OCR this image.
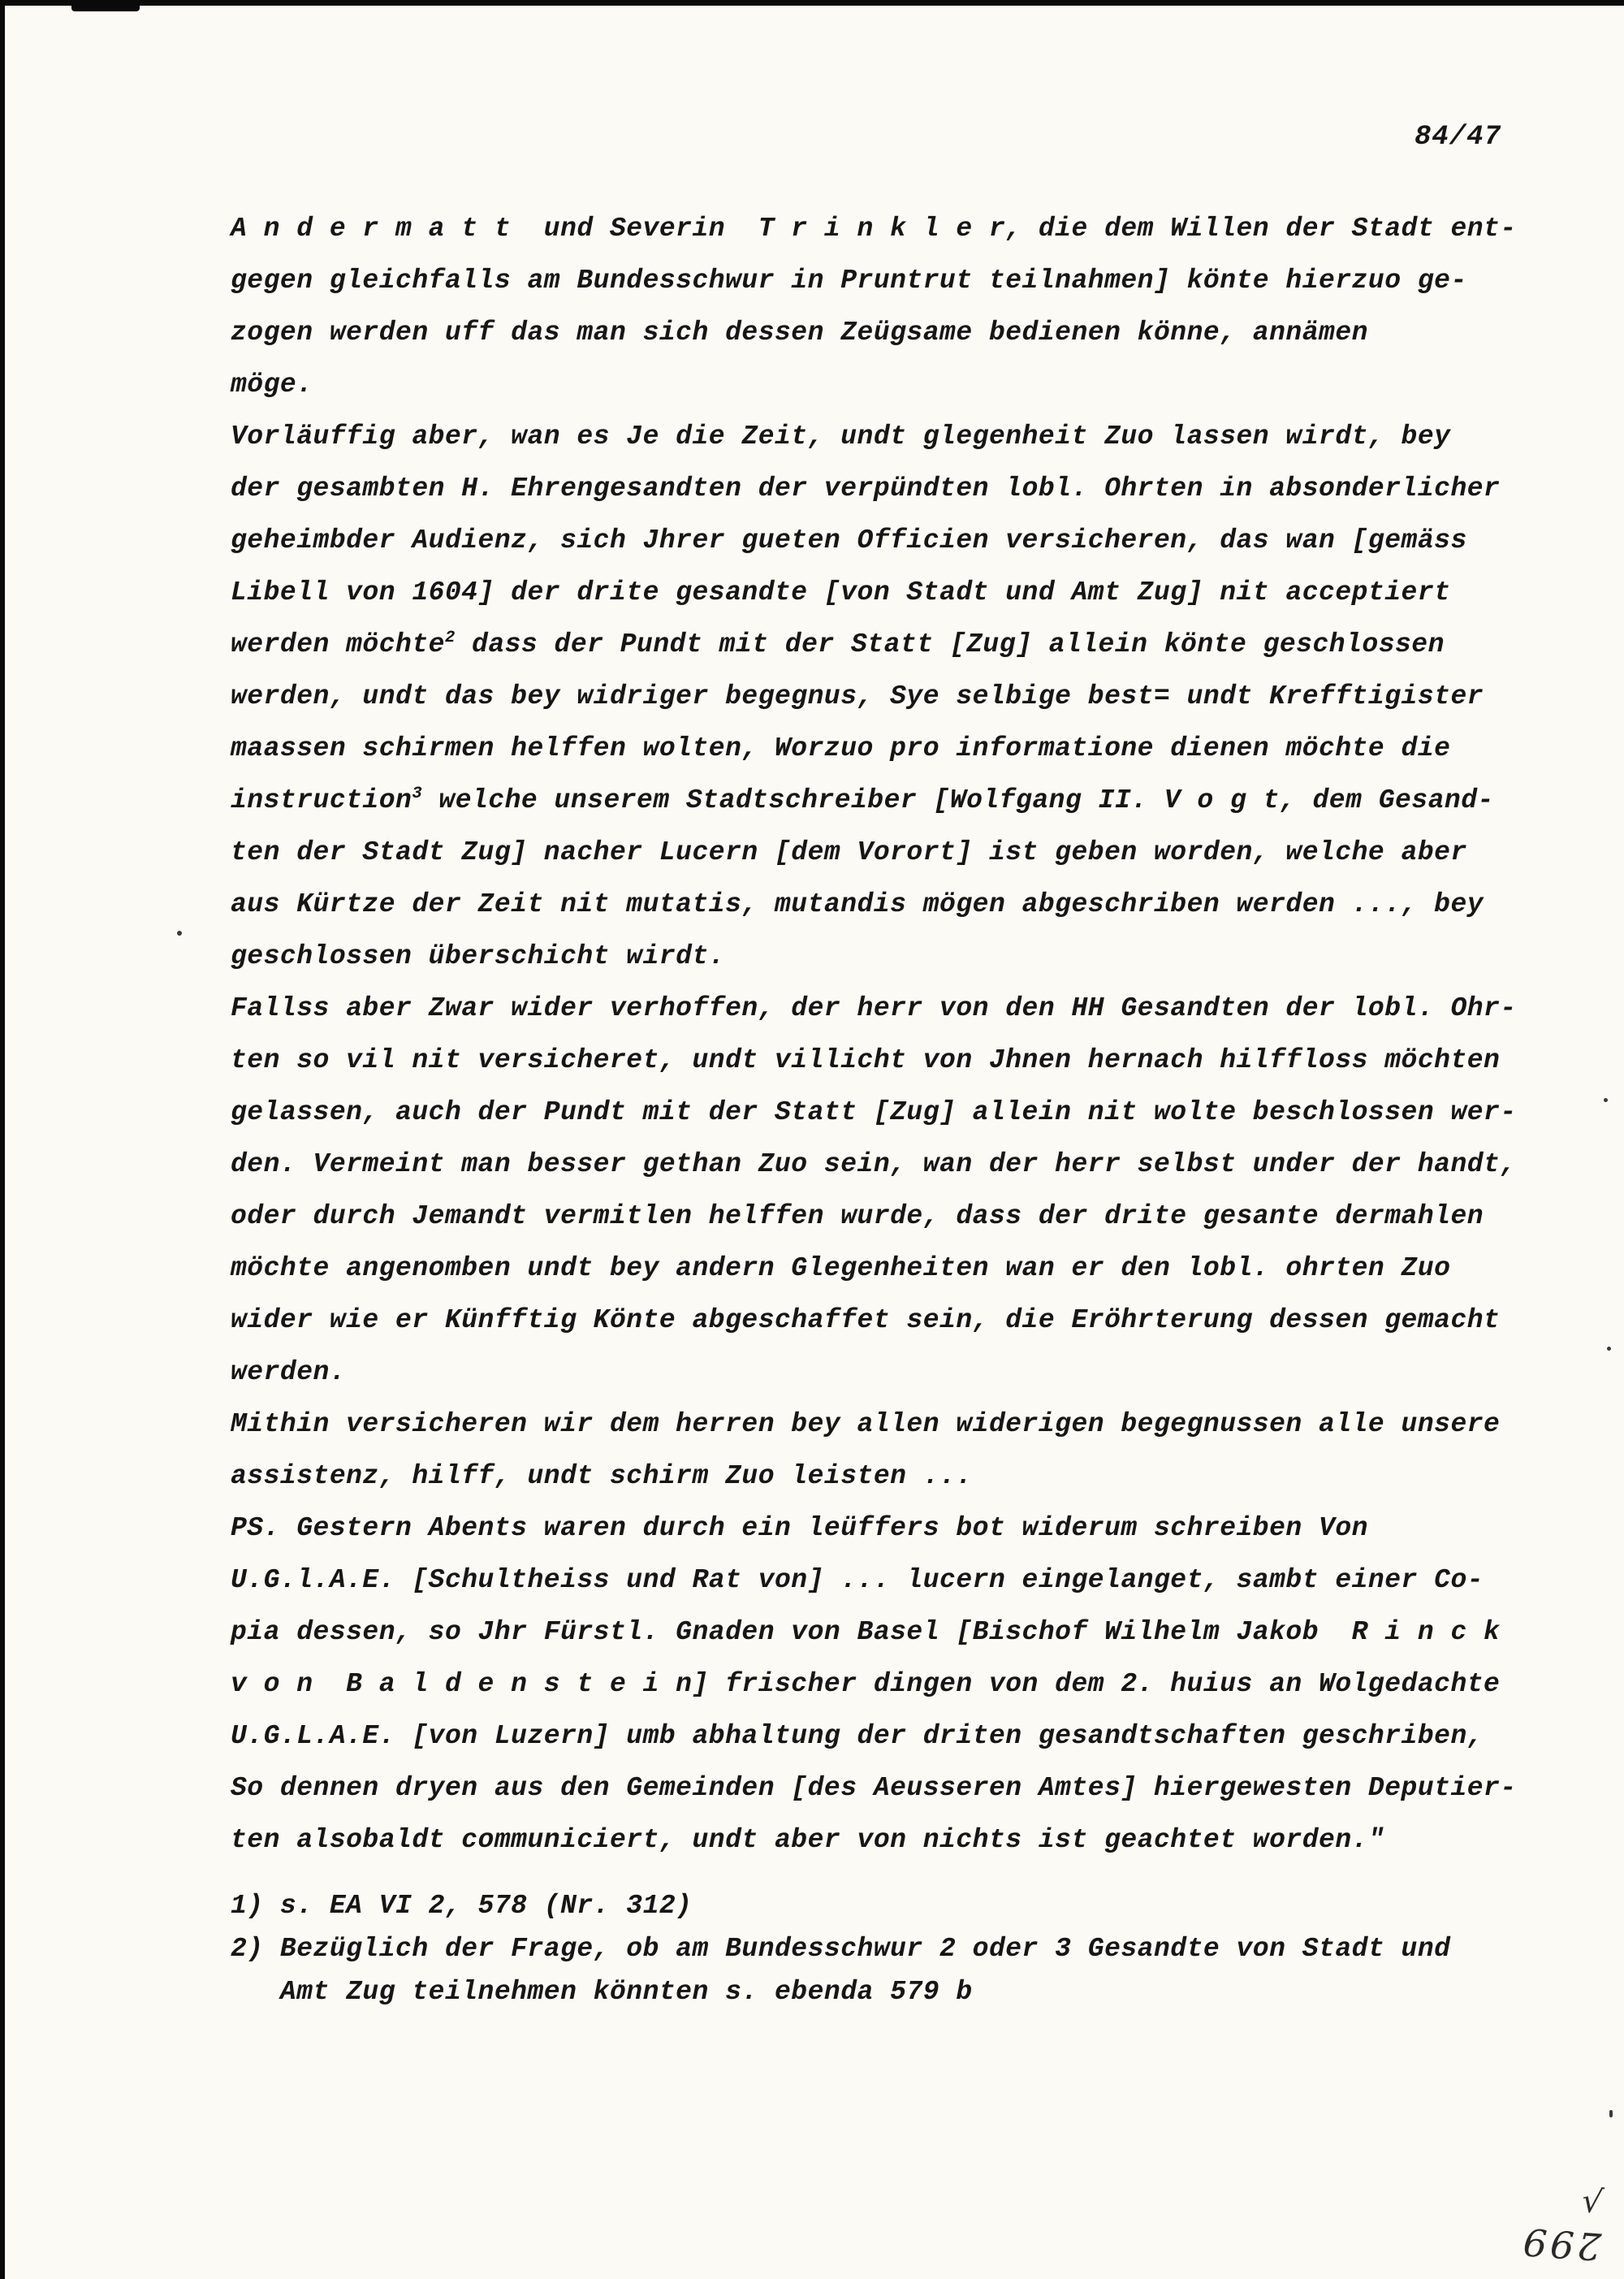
84/47
A n d e r m a t t  und Severin  T r i n k l e r, die dem Willen der Stadt ent-
gegen gleichfalls am Bundesschwur in Pruntrut teilnahmen] könte hierzuo ge-
zogen werden uff das man sich dessen Zeügsame bedienen könne, annämen
möge.
Vorläuffig aber, wan es Je die Zeit, undt glegenheit Zuo lassen wirdt, bey
der gesambten H. Ehrengesandten der verpündten lobl. Ohrten in absonderlicher
geheimbder Audienz, sich Jhrer gueten Officien versicheren, das wan [gemäss
Libell von 1604] der drite gesandte [von Stadt und Amt Zug] nit acceptiert
werden möchte$^2$ dass der Pundt mit der Statt [Zug] allein könte geschlossen
werden, undt das bey widriger begegnus, Sye selbige best= undt Krefftigister
maassen schirmen helffen wolten, Worzuo pro informatione dienen möchte die
instruction$^3$ welche unserem Stadtschreiber [Wolfgang II. V o g t, dem Gesand-
ten der Stadt Zug] nacher Lucern [dem Vorort] ist geben worden, welche aber
aus Kürtze der Zeit nit mutatis, mutandis mögen abgeschriben werden ..., bey
geschlossen überschicht wirdt.
Fallss aber Zwar wider verhoffen, der herr von den HH Gesandten der lobl. Ohr-
ten so vil nit versicheret, undt villicht von Jhnen hernach hilffloss möchten
gelassen, auch der Pundt mit der Statt [Zug] allein nit wolte beschlossen wer-
den. Vermeint man besser gethan Zuo sein, wan der herr selbst under der handt,
oder durch Jemandt vermitlen helffen wurde, dass der drite gesante dermahlen
möchte angenomben undt bey andern Glegenheiten wan er den lobl. ohrten Zuo
wider wie er Künfftig Könte abgeschaffet sein, die Eröhrterung dessen gemacht
werden.
Mithin versicheren wir dem herren bey allen widerigen begegnussen alle unsere
assistenz, hilff, undt schirm Zuo leisten ...
PS. Gestern Abents waren durch ein leüffers bot widerum schreiben Von
U.G.l.A.E. [Schultheiss und Rat von] ... lucern eingelanget, sambt einer Co-
pia dessen, so Jhr Fürstl. Gnaden von Basel [Bischof Wilhelm Jakob  R i n c k
v o n  B a l d e n s t e i n] frischer dingen von dem 2. huius an Wolgedachte
U.G.L.A.E. [von Luzern] umb abhaltung der driten gesandtschaften geschriben,
So dennen dryen aus den Gemeinden [des Aeusseren Amtes] hiergewesten Deputier-
ten alsobaldt communiciert, undt aber von nichts ist geachtet worden."
1) s. EA VI 2, 578 (Nr. 312)
2) Bezüglich der Frage, ob am Bundesschwur 2 oder 3 Gesandte von Stadt und
Amt Zug teilnehmen könnten s. ebenda 579 b
√
299
